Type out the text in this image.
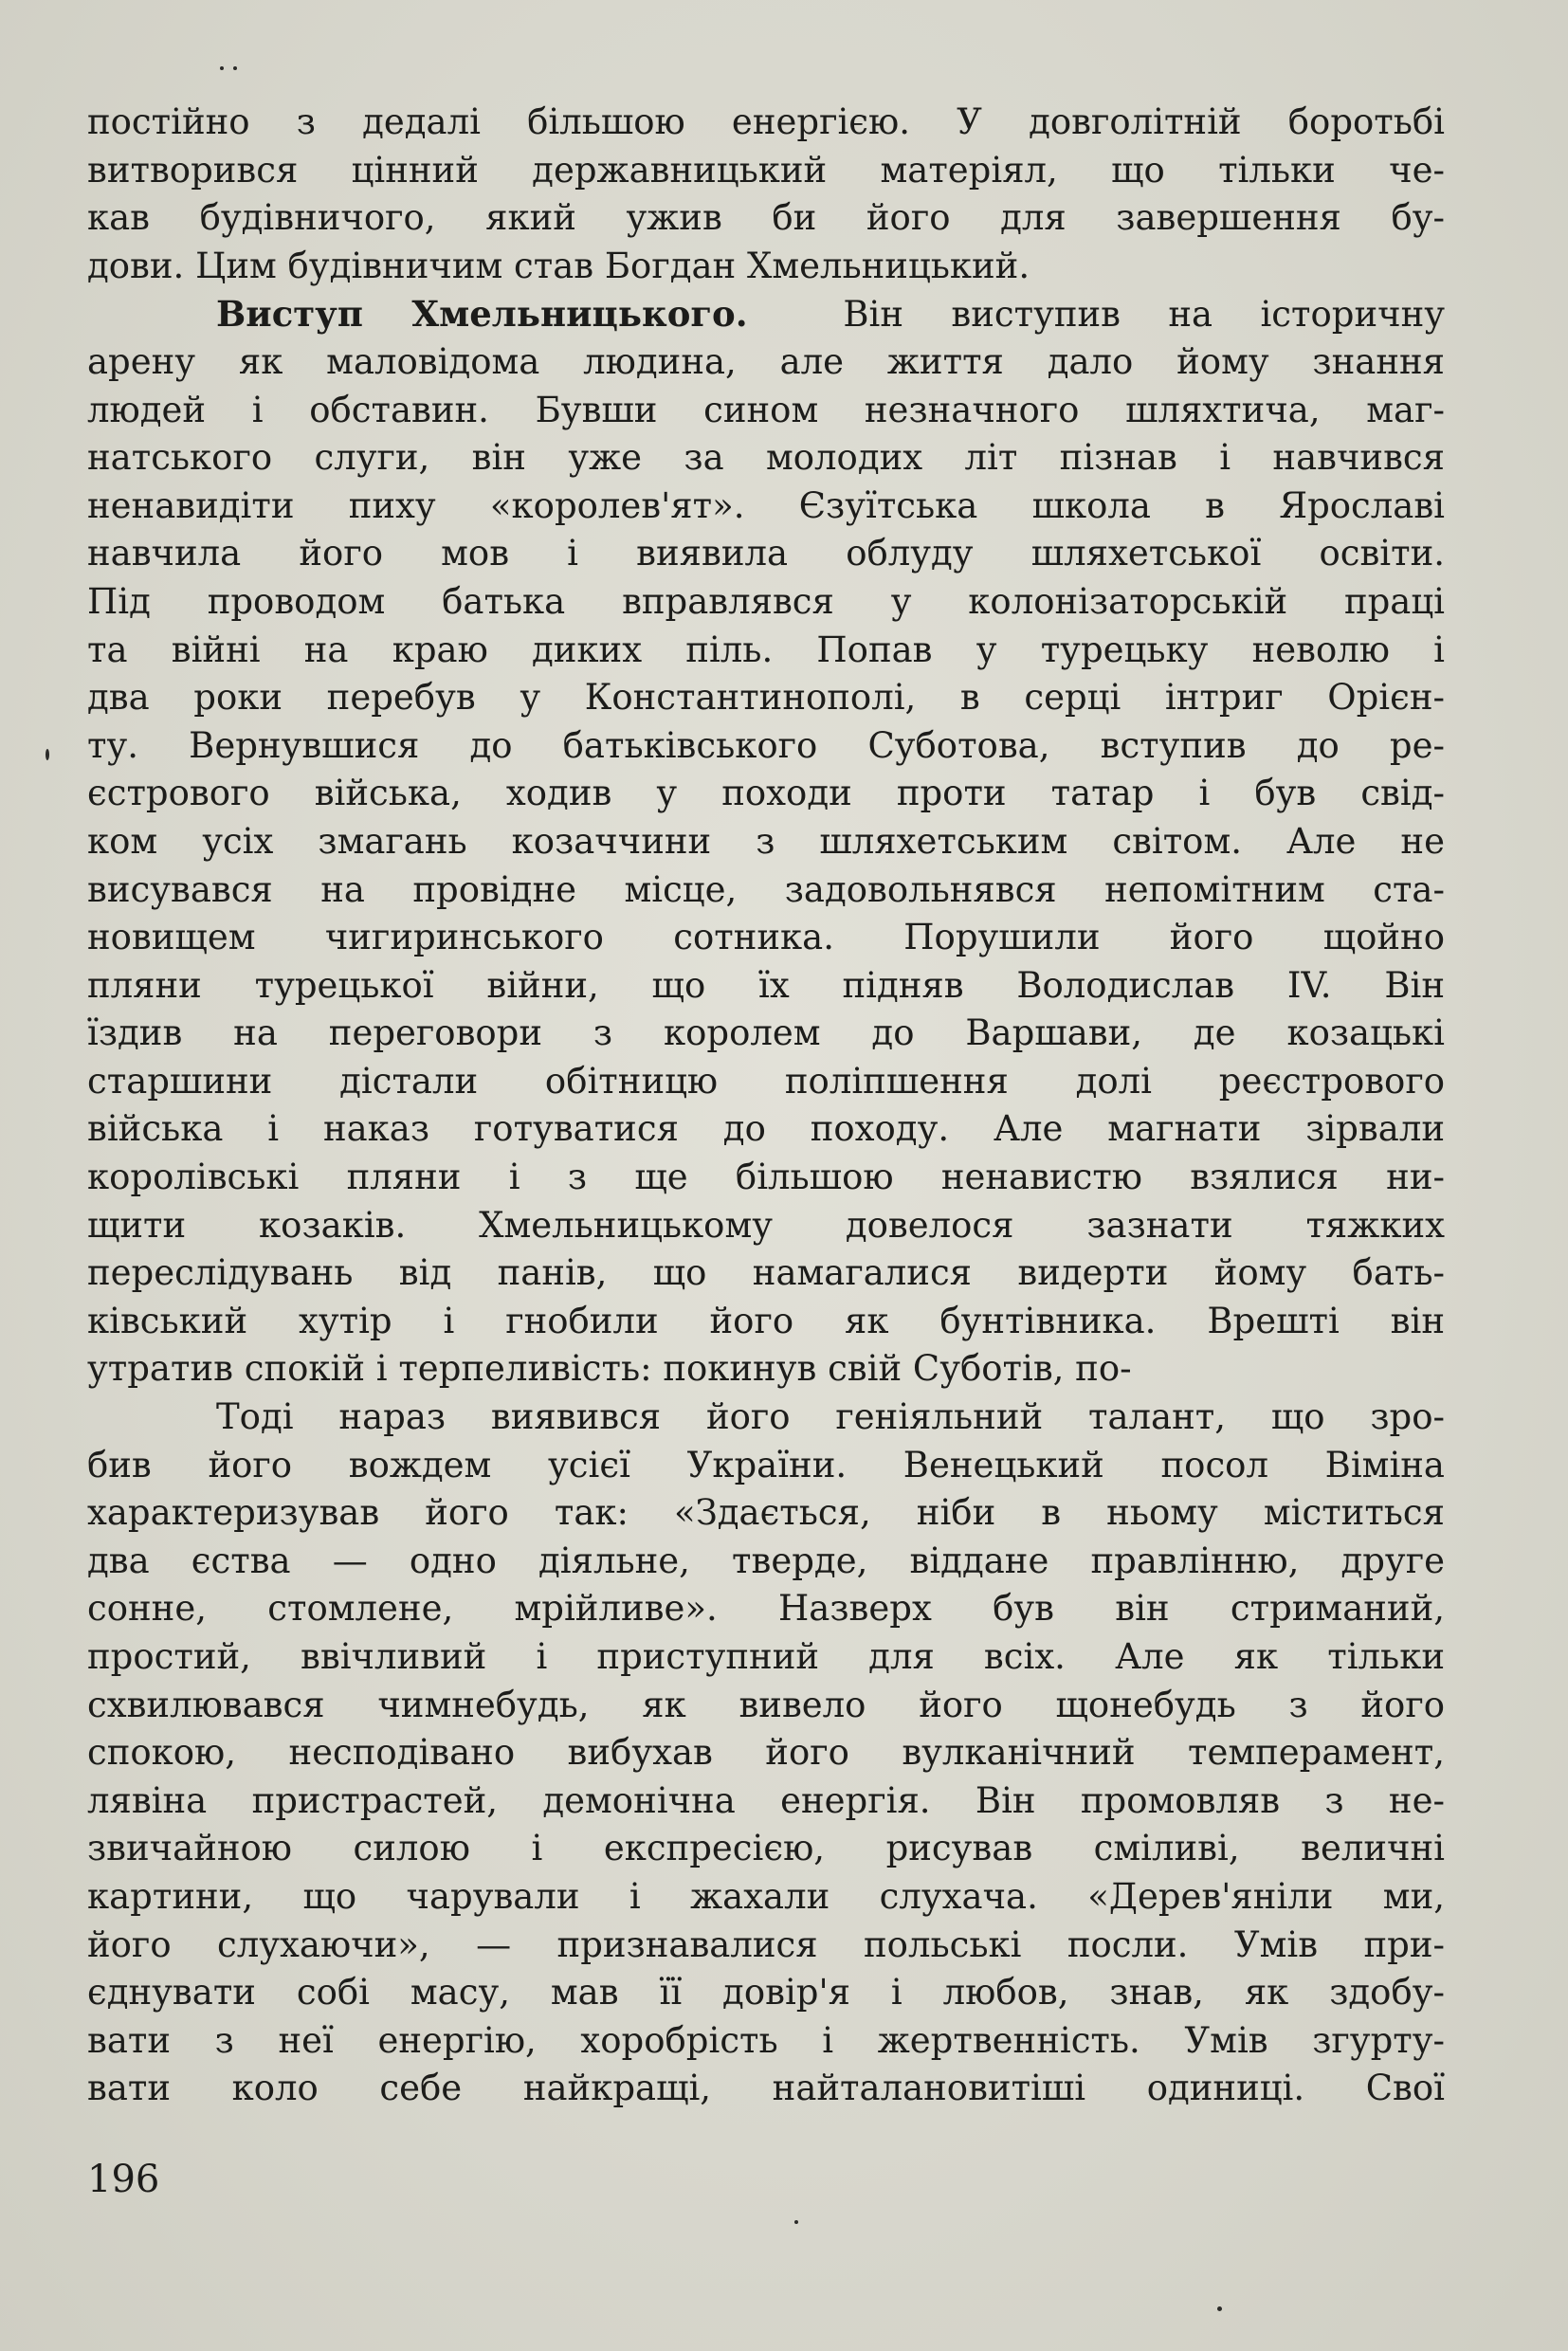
постійно з дедалі більшою енергією. У довголітній боротьбі
витворився цінний державницький матеріял, що тільки че-
кав будівничого, який ужив би його для завершення бу-
дови. Цим будівничим став Богдан Хмельницький.
Виступ Хмельницького.	Він виступив на історичну
арену як маловідома людина, але життя дало йому знання
людей і обставин. Бувши сином незначного шляхтича, маг-
натського слуги, він уже за молодих літ пізнав і навчився
ненавидіти пиху «королев'ят». Єзуїтська школа в Ярославі
навчила його мов і виявила облуду шляхетської освіти.
Під проводом батька вправлявся у колонізаторській праці
та війні на краю диких піль. Попав у турецьку неволю і
два роки перебув у Константинополі, в серці інтриг Орієн-
ту. Вернувшися до батьківського Суботова, вступив до ре-
єстрового війська, ходив у походи проти татар і був свід-
ком усіх змагань козаччини з шляхетським світом. Але не
висувався на провідне місце, задовольнявся непомітним ста-
новищем чигиринського сотника. Порушили його щойно
пляни турецької війни, що їх підняв Володислав IV. Він
їздив на переговори з королем до Варшави, де козацькі
старшини дістали обітницю поліпшення долі реєстрового
війська і наказ готуватися до походу. Але магнати зірвали
королівські пляни і з ще більшою ненавистю взялися ни-
щити козаків. Хмельницькому довелося зазнати тяжких
переслідувань від панів, що намагалися видерти йому бать-
ківський хутір і гнобили його як бунтівника. Врешті він
утратив спокій і терпеливість: покинув свій Суботів, по-
Тоді нараз виявився його геніяльний талант, що зро-
бив його вождем усієї України. Венецький посол Віміна
характеризував його так: «Здається, ніби в ньому міститься
два єства — одно діяльне, тверде, віддане правлінню, друге
сонне, стомлене, мрійливе». Назверх був він стриманий,
простий, ввічливий і приступний для всіх. Але як тільки
схвилювався чимнебудь, як вивело його щонебудь з його
спокою, несподівано вибухав його вулканічний темперамент,
лявіна пристрастей, демонічна енергія. Він промовляв з не-
звичайною силою і експресією, рисував сміливі, величні
картини, що чарували і жахали слухача. «Дерев'яніли ми,
його слухаючи», — признавалися польські посли. Умів при-
єднувати собі масу, мав її довір'я і любов, знав, як здобу-
вати з неї енергію, хоробрість і жертвенність. Умів згурту-
вати коло себе найкращі, найталановитіші одиниці. Свої
196
